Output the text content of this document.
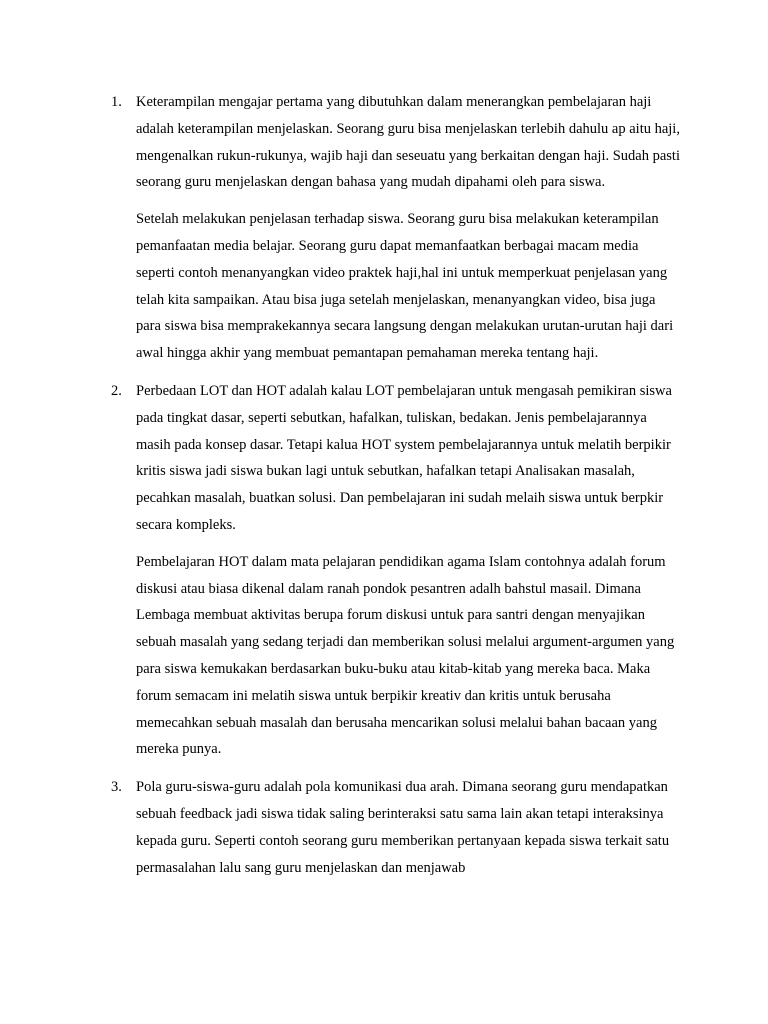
1. Keterampilan mengajar pertama yang dibutuhkan dalam menerangkan pembelajaran haji adalah keterampilan menjelaskan. Seorang guru bisa menjelaskan terlebih dahulu ap aitu haji, mengenalkan rukun-rukunya, wajib haji dan seseuatu yang berkaitan dengan haji. Sudah pasti seorang guru menjelaskan dengan bahasa yang mudah dipahami oleh para siswa.

Setelah melakukan penjelasan terhadap siswa. Seorang guru bisa melakukan keterampilan pemanfaatan media belajar. Seorang guru dapat memanfaatkan berbagai macam media seperti contoh menanyangkan video praktek haji,hal ini untuk memperkuat penjelasan yang telah kita sampaikan. Atau bisa juga setelah menjelaskan, menanyangkan video, bisa juga para siswa bisa memprakekannya secara langsung dengan melakukan urutan-urutan haji dari awal hingga akhir yang membuat pemantapan pemahaman mereka tentang haji.

2. Perbedaan LOT dan HOT adalah kalau LOT pembelajaran untuk mengasah pemikiran siswa pada tingkat dasar, seperti sebutkan, hafalkan, tuliskan, bedakan. Jenis pembelajarannya masih pada konsep dasar. Tetapi kalua HOT system pembelajarannya untuk melatih berpikir kritis siswa jadi siswa bukan lagi untuk sebutkan, hafalkan tetapi Analisakan masalah, pecahkan masalah, buatkan solusi. Dan pembelajaran ini sudah melaih siswa untuk berpkir secara kompleks.

Pembelajaran HOT dalam mata pelajaran pendidikan agama Islam contohnya adalah forum diskusi atau biasa dikenal dalam ranah pondok pesantren adalh bahstul masail. Dimana Lembaga membuat aktivitas berupa forum diskusi untuk para santri dengan menyajikan sebuah masalah yang sedang terjadi dan memberikan solusi melalui argument-argumen yang para siswa kemukakan berdasarkan buku-buku atau kitab-kitab yang mereka baca. Maka forum semacam ini melatih siswa untuk berpikir kreativ dan kritis untuk berusaha memecahkan sebuah masalah dan berusaha mencarikan solusi melalui bahan bacaan yang mereka punya.

3. Pola guru-siswa-guru adalah pola komunikasi dua arah. Dimana seorang guru mendapatkan sebuah feedback jadi siswa tidak saling berinteraksi satu sama lain akan tetapi interaksinya kepada guru. Seperti contoh seorang guru memberikan pertanyaan kepada siswa terkait satu permasalahan lalu sang guru menjelaskan dan menjawab
